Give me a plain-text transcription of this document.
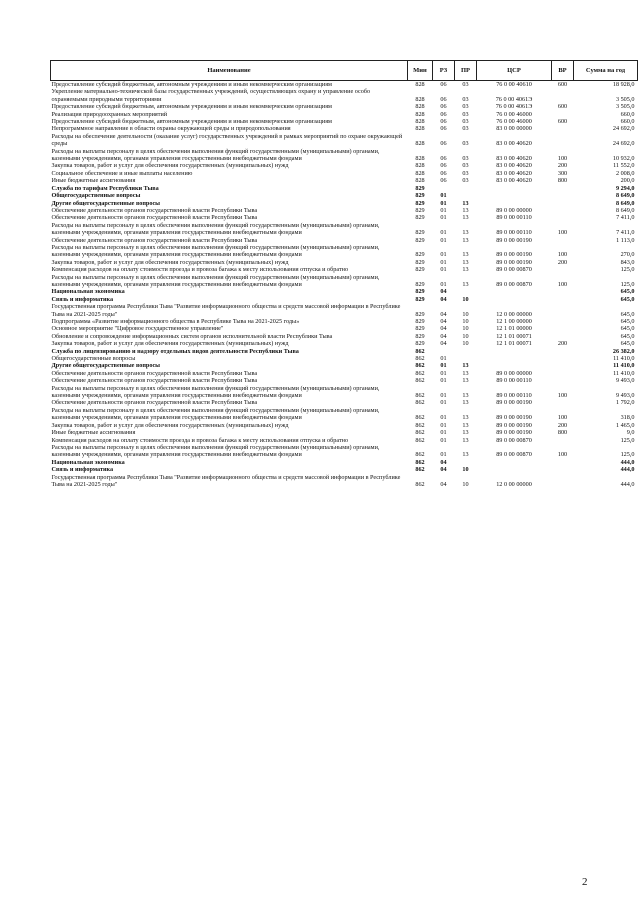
Наименование	Мин	РЗ	ПР	ЦСР	ВР	Сумма на год
Предоставление субсидий бюджетным, автономным учреждениям и иным некоммерческим организациям	828	06	03	76 0 00 40610	600	18 928,0
Укрепление материально-технической базы государственных учреждений, осуществляющих охрану и управление особо охраняемыми природными территориями	828	06	03	76 0 00 4061Э		3 505,0
Предоставление субсидий бюджетным, автономным учреждениям и иным некоммерческим организациям	828	06	03	76 0 00 4061Э	600	3 505,0
Реализация природоохранных мероприятий	828	06	03	76 0 00 46000		660,0
Предоставление субсидий бюджетным, автономным учреждениям и иным некоммерческим организациям	828	06	03	76 0 00 46000	600	660,0
Непрограммное направление в области охраны окружающей среды и природопользования	828	06	03	83 0 00 00000		24 692,0
Расходы на обеспечение деятельности (оказание услуг) государственных учреждений в рамках мероприятий по охране окружающей среды	828	06	03	83 0 00 40620		24 692,0
Расходы на выплаты персоналу в целях обеспечения выполнения функций государственными (муниципальными) органами, казенными учреждениями, органами управления государственными внебюджетными фондами	828	06	03	83 0 00 40620	100	10 932,0
Закупка товаров, работ и услуг для обеспечения государственных (муниципальных) нужд	828	06	03	83 0 00 40620	200	11 552,0
Социальное обеспечение и иные выплаты населению	828	06	03	83 0 00 40620	300	2 008,0
Иные бюджетные ассигнования	828	06	03	83 0 00 40620	800	200,0
Служба по тарифам Республики Тыва	829					9 294,0
Общегосударственные вопросы	829	01				8 649,0
Другие общегосударственные вопросы	829	01	13			8 649,0
Обеспечение деятельности органов государственной власти Республики Тыва	829	01	13	89 0 00 00000		8 649,0
Обеспечение деятельности органов государственной власти Республики Тыва	829	01	13	89 0 00 00110		7 411,0
Расходы на выплаты персоналу в целях обеспечения выполнения функций государственными (муниципальными) органами, казенными учреждениями, органами управления государственными внебюджетными фондами	829	01	13	89 0 00 00110	100	7 411,0
Обеспечение деятельности органов государственной власти Республики Тыва	829	01	13	89 0 00 00190		1 113,0
Расходы на выплаты персоналу в целях обеспечения выполнения функций государственными (муниципальными) органами, казенными учреждениями, органами управления государственными внебюджетными фондами	829	01	13	89 0 00 00190	100	270,0
Закупка товаров, работ и услуг для обеспечения государственных (муниципальных) нужд	829	01	13	89 0 00 00190	200	843,0
Компенсация расходов на оплату стоимости проезда и провоза багажа к месту использования отпуска и обратно	829	01	13	89 0 00 00870		125,0
Расходы на выплаты персоналу в целях обеспечения выполнения функций государственными (муниципальными) органами, казенными учреждениями, органами управления государственными внебюджетными фондами	829	01	13	89 0 00 00870	100	125,0
Национальная экономика	829	04				645,0
Связь и информатика	829	04	10			645,0
Государственная программа Республики Тыва "Развитие информационного общества и средств массовой информации в Республике Тыва на 2021-2025 годы"	829	04	10	12 0 00 00000		645,0
Подпрограмма «Развитие информационного общества в Республике Тыва на 2021-2025 годы»	829	04	10	12 1 00 00000		645,0
Основное мероприятие "Цифровое государственное управление"	829	04	10	12 1 01 00000		645,0
Обновление и сопровождение информационных систем органов исполнительной власти Республики Тыва	829	04	10	12 1 01 00071		645,0
Закупка товаров, работ и услуг для обеспечения государственных (муниципальных) нужд	829	04	10	12 1 01 00071	200	645,0
Служба по лицензированию и надзору отдельных видов деятельности Республики Тыва	862					26 382,0
Общегосударственные вопросы	862	01				11 410,0
Другие общегосударственные вопросы	862	01	13			11 410,0
Обеспечение деятельности органов государственной власти Республики Тыва	862	01	13	89 0 00 00000		11 410,0
Обеспечение деятельности органов государственной власти Республики Тыва	862	01	13	89 0 00 00110		9 493,0
Расходы на выплаты персоналу в целях обеспечения выполнения функций государственными (муниципальными) органами, казенными учреждениями, органами управления государственными внебюджетными фондами	862	01	13	89 0 00 00110	100	9 493,0
Обеспечение деятельности органов государственной власти Республики Тыва	862	01	13	89 0 00 00190		1 792,0
Расходы на выплаты персоналу в целях обеспечения выполнения функций государственными (муниципальными) органами, казенными учреждениями, органами управления государственными внебюджетными фондами	862	01	13	89 0 00 00190	100	318,0
Закупка товаров, работ и услуг для обеспечения государственных (муниципальных) нужд	862	01	13	89 0 00 00190	200	1 465,0
Иные бюджетные ассигнования	862	01	13	89 0 00 00190	800	9,0
Компенсация расходов на оплату стоимости проезда и провоза багажа к месту использования отпуска и обратно	862	01	13	89 0 00 00870		125,0
Расходы на выплаты персоналу в целях обеспечения выполнения функций государственными (муниципальными) органами, казенными учреждениями, органами управления государственными внебюджетными фондами	862	01	13	89 0 00 00870	100	125,0
Национальная экономика	862	04				444,0
Связь и информатика	862	04	10			444,0
Государственная программа Республики Тыва "Развитие информационного общества и средств массовой информации в Республике Тыва на 2021-2025 годы"	862	04	10	12 0 00 00000		444,0
2
